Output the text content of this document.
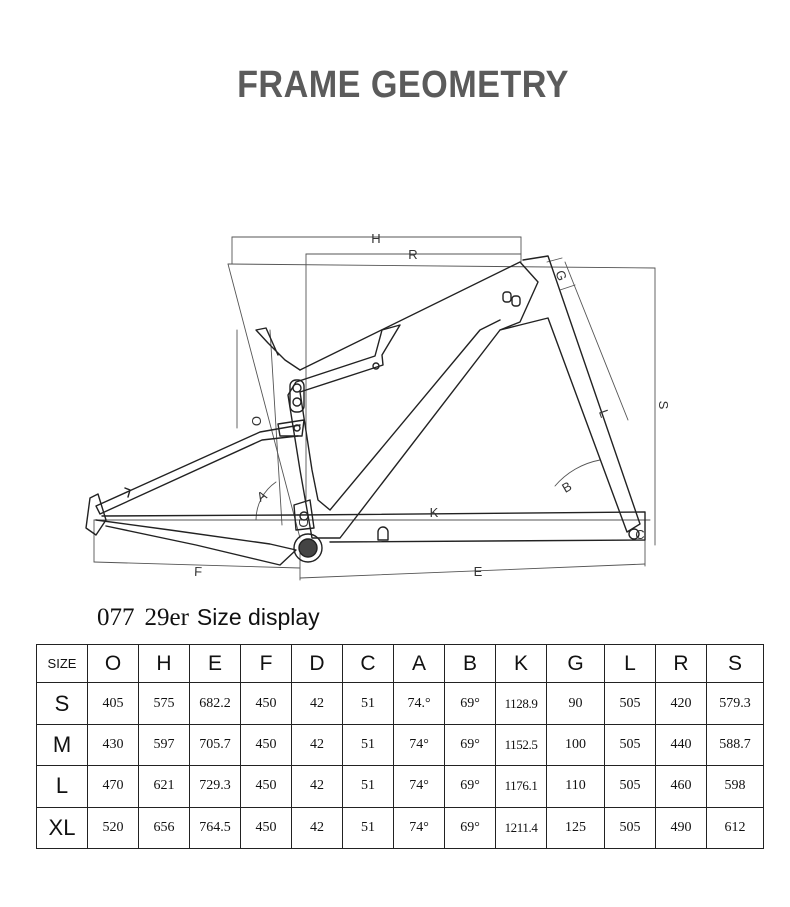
FRAME GEOMETRY
H
R
G
S
L
O
D
A
B
K
C
F	E
077 29er Size display
SIZE	O	H	E	F	D	C	A	B	K	G	L	R	S
S	405	575	682.2	450	42	51	74.°	69°	1128.9	90	505	420	579.3
M	430	597	705.7	450	42	51	74°	69°	1152.5	100	505	440	588.7
L	470	621	729.3	450	42	51	74°	69°	1176.1	110	505	460	598
XL	520	656	764.5	450	42	51	74°	69°	1211.4	125	505	490	612
